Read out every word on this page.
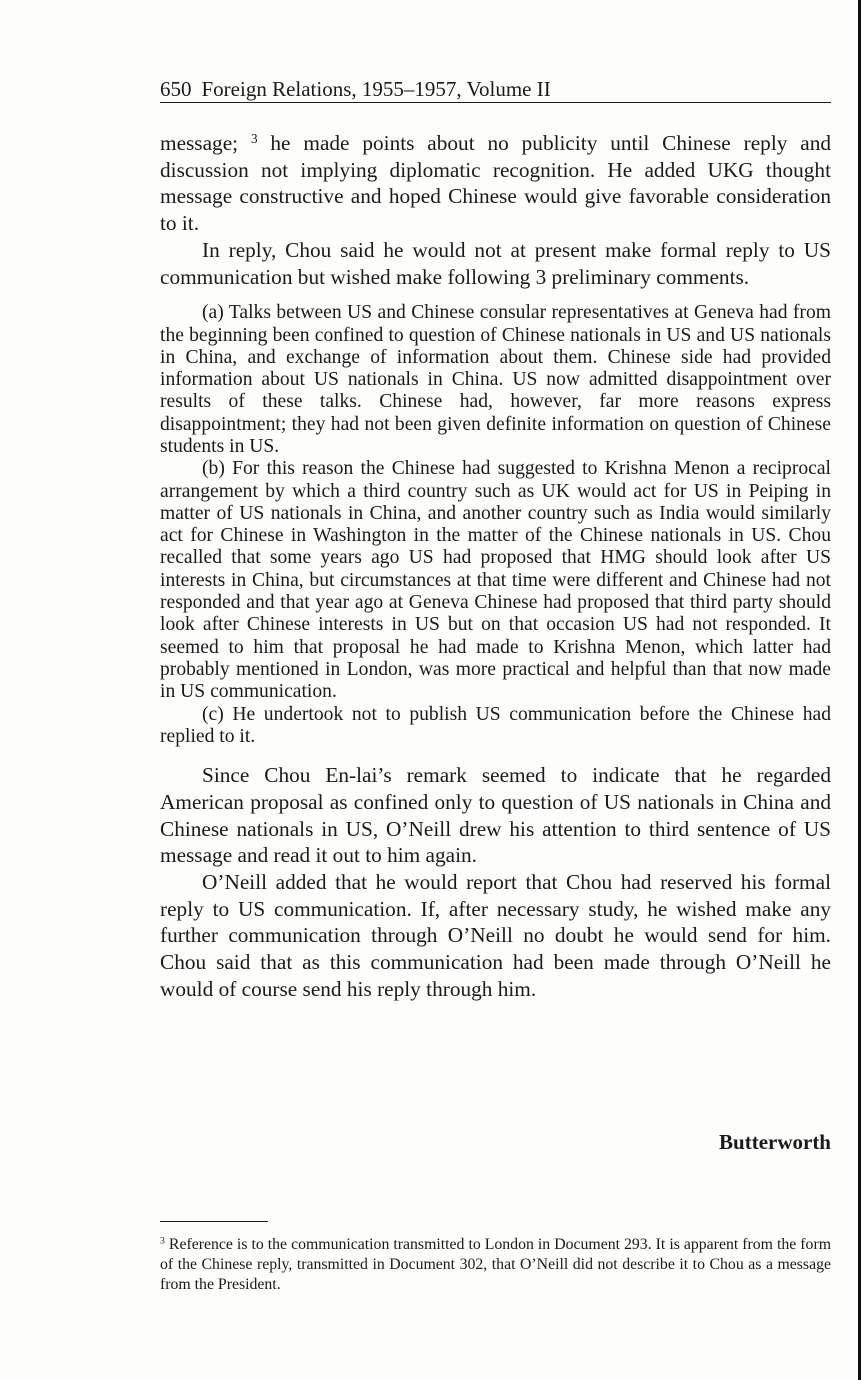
650 Foreign Relations, 1955–1957, Volume II

message; $^3$ he made points about no publicity until Chinese reply and discussion not implying diplomatic recognition. He added UKG thought message constructive and hoped Chinese would give favorable consideration to it.

In reply, Chou said he would not at present make formal reply to US communication but wished make following 3 preliminary comments.

(a) Talks between US and Chinese consular representatives at Geneva had from the beginning been confined to question of Chinese nationals in US and US nationals in China, and exchange of information about them. Chinese side had provided information about US nationals in China. US now admitted disappointment over results of these talks. Chinese had, however, far more reasons express disappointment; they had not been given definite information on question of Chinese students in US.

(b) For this reason the Chinese had suggested to Krishna Menon a reciprocal arrangement by which a third country such as UK would act for US in Peiping in matter of US nationals in China, and another country such as India would similarly act for Chinese in Washington in the matter of the Chinese nationals in US. Chou recalled that some years ago US had proposed that HMG should look after US interests in China, but circumstances at that time were different and Chinese had not responded and that year ago at Geneva Chinese had proposed that third party should look after Chinese interests in US but on that occasion US had not responded. It seemed to him that proposal he had made to Krishna Menon, which latter had probably mentioned in London, was more practical and helpful than that now made in US communication.

(c) He undertook not to publish US communication before the Chinese had replied to it.

Since Chou En-lai’s remark seemed to indicate that he regarded American proposal as confined only to question of US nationals in China and Chinese nationals in US, O’Neill drew his attention to third sentence of US message and read it out to him again.

O’Neill added that he would report that Chou had reserved his formal reply to US communication. If, after necessary study, he wished make any further communication through O’Neill no doubt he would send for him. Chou said that as this communication had been made through O’Neill he would of course send his reply through him.

Butterworth

$^3$ Reference is to the communication transmitted to London in Document 293. It is apparent from the form of the Chinese reply, transmitted in Document 302, that O’Neill did not describe it to Chou as a message from the President.
